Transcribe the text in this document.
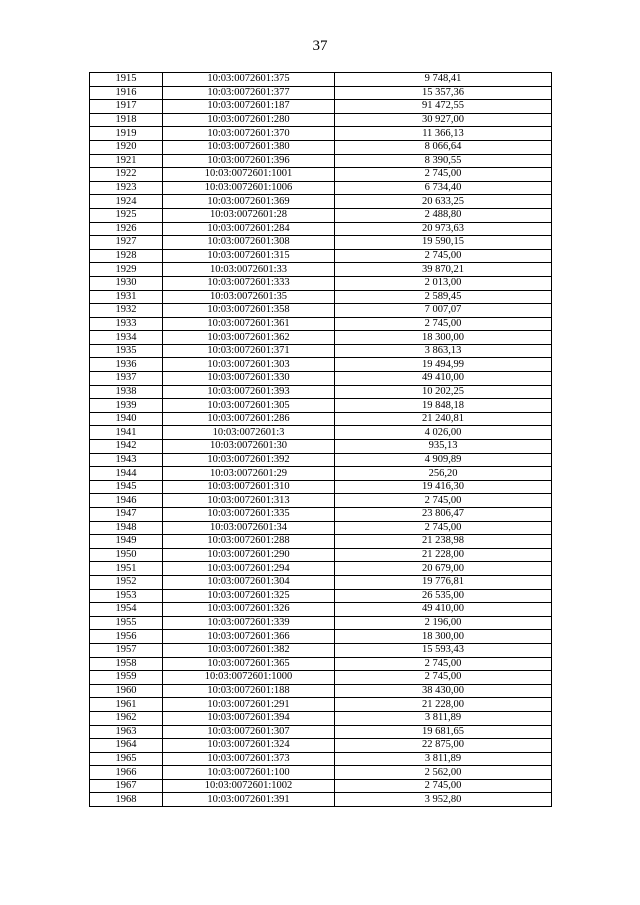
37
1915	10:03:0072601:375	9 748,41
1916	10:03:0072601:377	15 357,36
1917	10:03:0072601:187	91 472,55
1918	10:03:0072601:280	30 927,00
1919	10:03:0072601:370	11 366,13
1920	10:03:0072601:380	8 066,64
1921	10:03:0072601:396	8 390,55
1922	10:03:0072601:1001	2 745,00
1923	10:03:0072601:1006	6 734,40
1924	10:03:0072601:369	20 633,25
1925	10:03:0072601:28	2 488,80
1926	10:03:0072601:284	20 973,63
1927	10:03:0072601:308	19 590,15
1928	10:03:0072601:315	2 745,00
1929	10:03:0072601:33	39 870,21
1930	10:03:0072601:333	2 013,00
1931	10:03:0072601:35	2 589,45
1932	10:03:0072601:358	7 007,07
1933	10:03:0072601:361	2 745,00
1934	10:03:0072601:362	18 300,00
1935	10:03:0072601:371	3 863,13
1936	10:03:0072601:303	19 494,99
1937	10:03:0072601:330	49 410,00
1938	10:03:0072601:393	10 202,25
1939	10:03:0072601:305	19 848,18
1940	10:03:0072601:286	21 240,81
1941	10:03:0072601:3	4 026,00
1942	10:03:0072601:30	935,13
1943	10:03:0072601:392	4 909,89
1944	10:03:0072601:29	256,20
1945	10:03:0072601:310	19 416,30
1946	10:03:0072601:313	2 745,00
1947	10:03:0072601:335	23 806,47
1948	10:03:0072601:34	2 745,00
1949	10:03:0072601:288	21 238,98
1950	10:03:0072601:290	21 228,00
1951	10:03:0072601:294	20 679,00
1952	10:03:0072601:304	19 776,81
1953	10:03:0072601:325	26 535,00
1954	10:03:0072601:326	49 410,00
1955	10:03:0072601:339	2 196,00
1956	10:03:0072601:366	18 300,00
1957	10:03:0072601:382	15 593,43
1958	10:03:0072601:365	2 745,00
1959	10:03:0072601:1000	2 745,00
1960	10:03:0072601:188	38 430,00
1961	10:03:0072601:291	21 228,00
1962	10:03:0072601:394	3 811,89
1963	10:03:0072601:307	19 681,65
1964	10:03:0072601:324	22 875,00
1965	10:03:0072601:373	3 811,89
1966	10:03:0072601:100	2 562,00
1967	10:03:0072601:1002	2 745,00
1968	10:03:0072601:391	3 952,80
